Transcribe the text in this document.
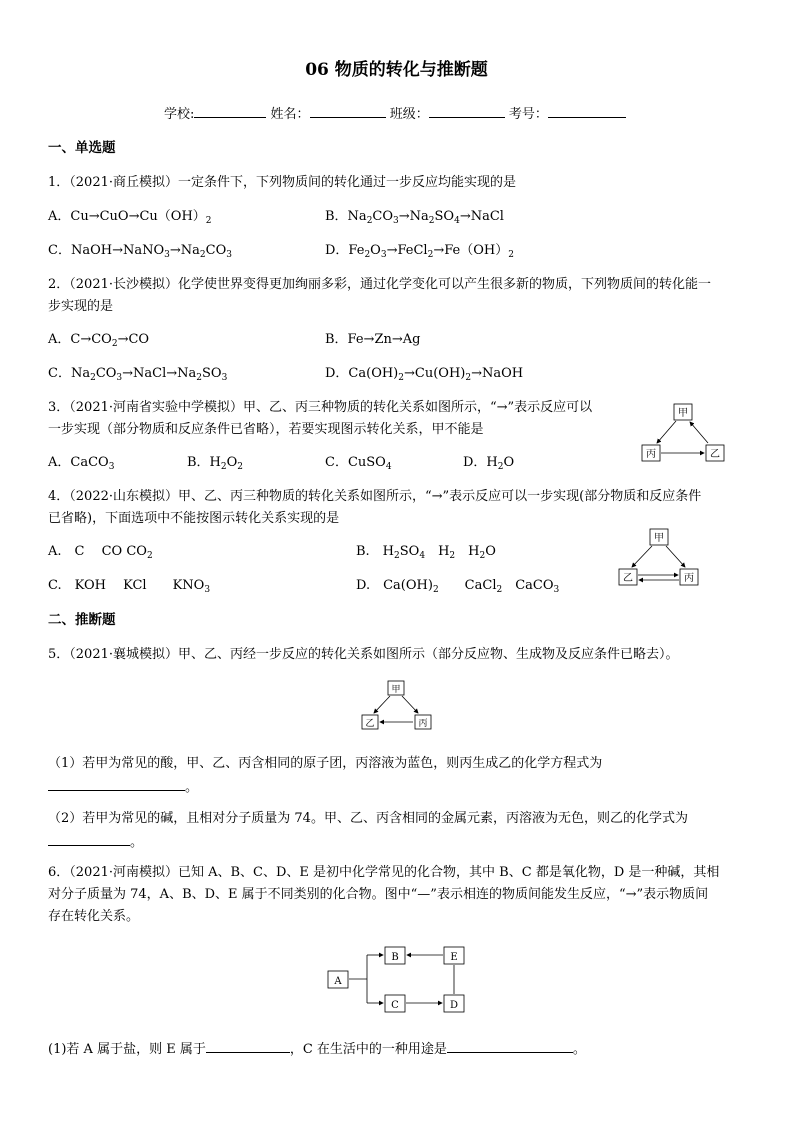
06 物质的转化与推断题
学校:	姓名：	班级：	考号：
一、单选题
1．（2021·商丘模拟）一定条件下，下列物质间的转化通过一步反应均能实现的是
A．$Cu\to CuO\to Cu(OH)_2$	B．$Na_2CO_3\to Na_2SO_4\to NaCl$
C．$NaOH\to NaNO_3\to Na_2CO_3$	D．$Fe_2O_3\to FeCl_2\to Fe(OH)_2$
2．（2021·长沙模拟）化学使世界变得更加绚丽多彩，通过化学变化可以产生很多新的物质，下列物质间的转化能一
步实现的是
A．$C\to CO_2\to CO$	B．Fe→Zn→Ag
C．$Na_2CO_3\to NaCl\to Na_2SO_3$	D．$Ca(OH)_2\to Cu(OH)_2\to NaOH$
3．（2021·河南省实验中学模拟）甲、乙、丙三种物质的转化关系如图所示，“→”表示反应可以
一步实现（部分物质和反应条件已省略），若要实现图示转化关系，甲不能是
A．CaCO$_3$	B．$H_2O_2$	C．CuSO$_4$	D．$H_2O$
甲
丙	乙
4．（2022·山东模拟）甲、乙、丙三种物质的转化关系如图所示，“→”表示反应可以一步实现(部分物质和反应条件
已省略)，下面选项中不能按图示转化关系实现的是
A.　C　 CO $CO_2$	B.　$H_2SO_4$　$H_2$　$H_2O$
C.　KOH　 KCl　　$KNO_3$	D.　$Ca(OH)_2$　　CaCl$_2$　CaCO$_3$
甲
乙	丙
二、推断题
5．（2021·襄城模拟）甲、乙、丙经一步反应的转化关系如图所示（部分反应物、生成物及反应条件已略去）。
甲
乙	丙
（1）若甲为常见的酸，甲、乙、丙含相同的原子团，丙溶液为蓝色，则丙生成乙的化学方程式为
。
（2）若甲为常见的碱，且相对分子质量为 74。甲、乙、丙含相同的金属元素，丙溶液为无色，则乙的化学式为
。
6．（2021·河南模拟）已知 A、B、C、D、E 是初中化学常见的化合物，其中 B、C 都是氧化物，D 是一种碱，其相
对分子质量为 74，A、B、D、E 属于不同类别的化合物。图中“—”表示相连的物质间能发生反应，“→”表示物质间
存在转化关系。
A
B	E
C	D
(1)若 A 属于盐，则 E 属于	，C 在生活中的一种用途是	。
